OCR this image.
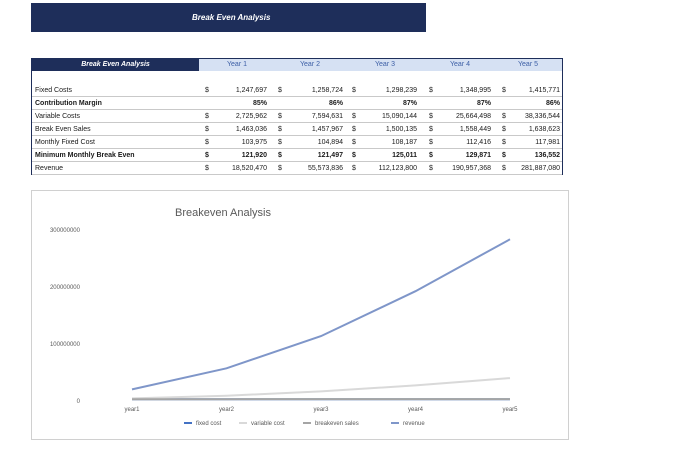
Break Even Analysis
Break Even Analysis	Year 1	Year 2	Year 3	Year 4	Year 5
Fixed Costs	$	1,247,697 $	1,258,724 $	1,298,239 $	1,348,995 $	1,415,771
Contribution Margin	85%	86%	87%	87%	86%
Variable Costs	$	2,725,962 $	7,594,631 $	15,090,144 $	25,664,498 $	38,336,544
Break Even Sales	$	1,463,036 $	1,457,967 $	1,500,135 $	1,558,449 $	1,638,623
Monthly Fixed Cost	$	103,975 $	104,894 $	108,187 $	112,416 $	117,981
Minimum Monthly Break Even	$	121,920 $	121,497 $	125,011 $	129,871 $	136,552
Revenue	$	18,520,470 $	55,573,836 $	112,123,800 $	190,957,368 $ 281,887,080
Breakeven Analysis
0
100000000
200000000
300000000
year1	year2	year3	year4	year5
fixed cost	variable cost	breakeven sales	revenue
